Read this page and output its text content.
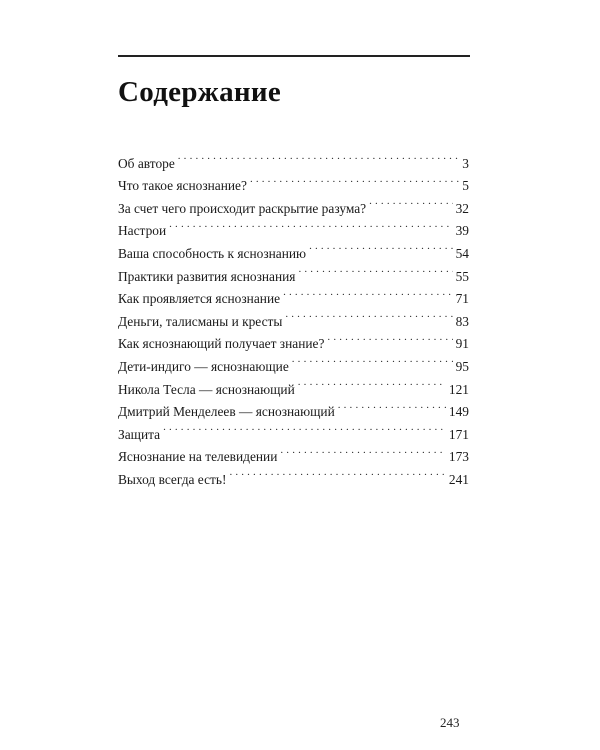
Содержание
Об авторе . . .	3
Что такое яснознание? . . .	5
За счет чего происходит раскрытие разума? . . .	32
Настрои . . .	39
Ваша способность к яснознанию . . .	54
Практики развития яснознания . . .	55
Как проявляется яснознание . . .	71
Деньги, талисманы и кресты . . .	83
Как яснознающий получает знание? . . .	91
Дети-индиго — яснознающие . . .	95
Никола Тесла — яснознающий . . .	121
Дмитрий Менделеев — яснознающий . . .	149
Защита . . .	171
Яснознание на телевидении . . .	173
Выход всегда есть! . . .	241
243
